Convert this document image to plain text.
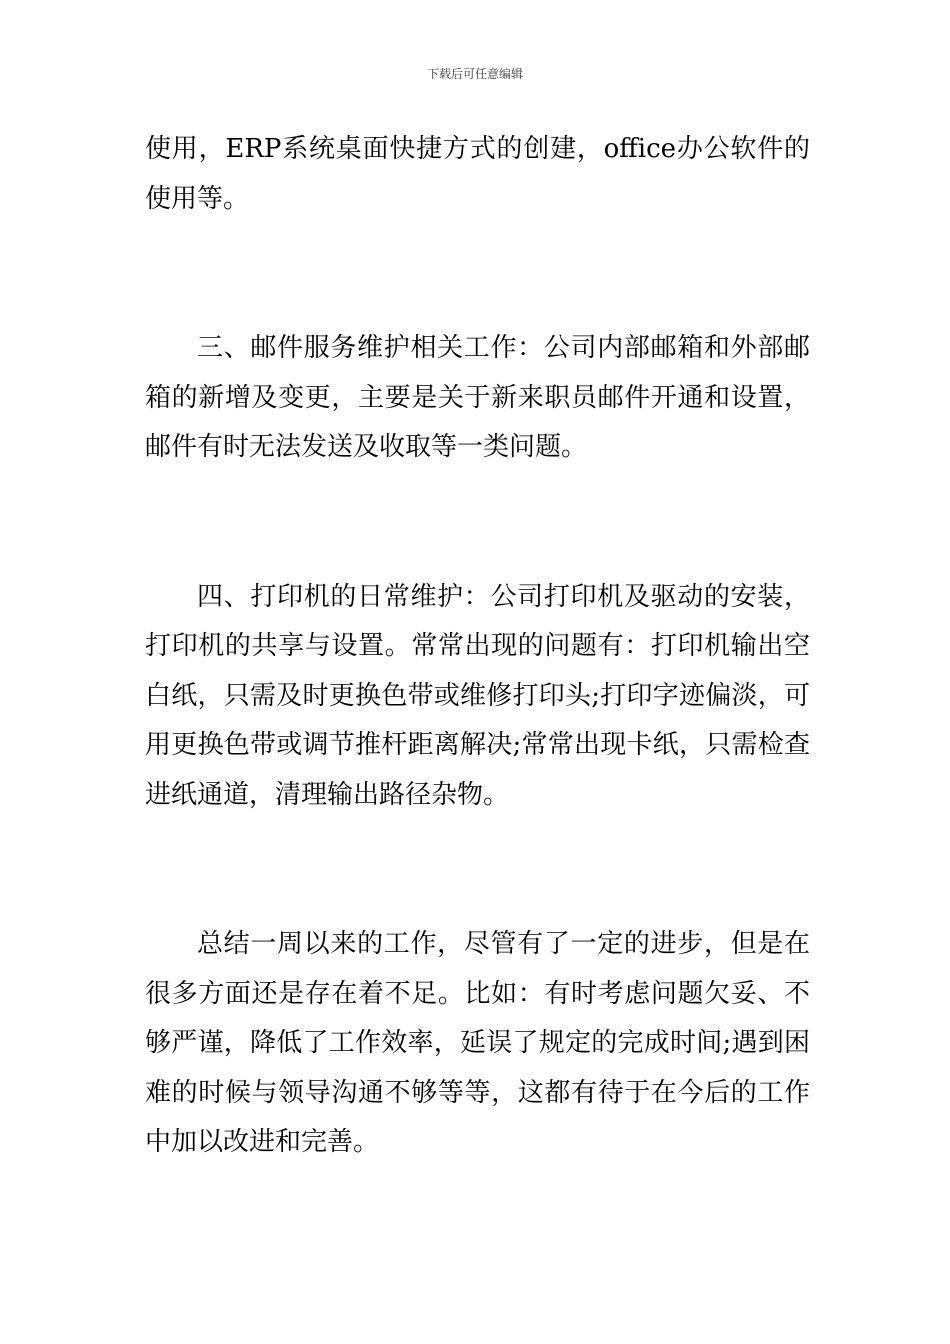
下载后可任意编辑

使用，ERP系统桌面快捷方式的创建，office办公软件的使用等。

三、邮件服务维护相关工作：公司内部邮箱和外部邮箱的新增及变更，主要是关于新来职员邮件开通和设置，邮件有时无法发送及收取等一类问题。

四、打印机的日常维护：公司打印机及驱动的安装，打印机的共享与设置。常常出现的问题有：打印机输出空白纸，只需及时更换色带或维修打印头;打印字迹偏淡，可用更换色带或调节推杆距离解决;常常出现卡纸，只需检查进纸通道，清理输出路径杂物。

总结一周以来的工作，尽管有了一定的进步，但是在很多方面还是存在着不足。比如：有时考虑问题欠妥、不够严谨，降低了工作效率，延误了规定的完成时间;遇到困难的时候与领导沟通不够等等，这都有待于在今后的工作中加以改进和完善。
